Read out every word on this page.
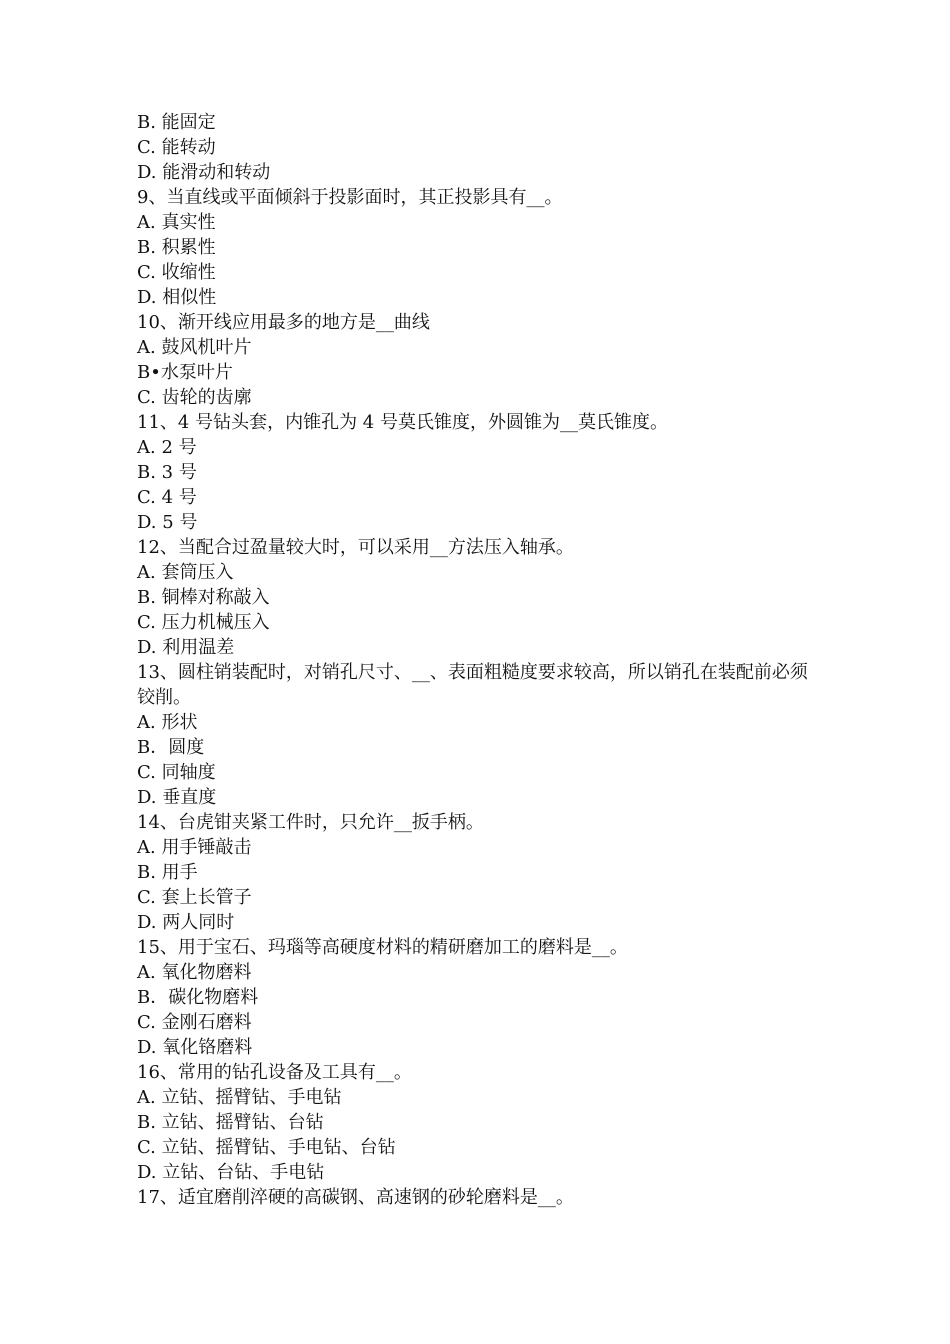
B. 能固定
C. 能转动
D. 能滑动和转动
9、当直线或平面倾斜于投影面时，其正投影具有__。
A. 真实性
B. 积累性
C. 收缩性
D. 相似性
10、渐开线应用最多的地方是__曲线
A. 鼓风机叶片
B•水泵叶片
C. 齿轮的齿廓
11、4 号钻头套，内锥孔为 4 号莫氏锥度，外圆锥为__莫氏锥度。
A. 2 号
B. 3 号
C. 4 号
D. 5 号
12、当配合过盈量较大时，可以采用__方法压入轴承。
A. 套筒压入
B. 铜棒对称敲入
C. 压力机械压入
D. 利用温差
13、圆柱销装配时，对销孔尺寸、__、表面粗糙度要求较高，所以销孔在装配前必须铰削。
A. 形状
B．圆度
C. 同轴度
D. 垂直度
14、台虎钳夹紧工件时，只允许__扳手柄。
A. 用手锤敲击
B. 用手
C. 套上长管子
D. 两人同时
15、用于宝石、玛瑙等高硬度材料的精研磨加工的磨料是__。
A. 氧化物磨料
B．碳化物磨料
C. 金刚石磨料
D. 氧化铬磨料
16、常用的钻孔设备及工具有__。
A. 立钻、摇臂钻、手电钻
B. 立钻、摇臂钻、台钻
C. 立钻、摇臂钻、手电钻、台钻
D. 立钻、台钻、手电钻
17、适宜磨削淬硬的高碳钢、高速钢的砂轮磨料是__。
